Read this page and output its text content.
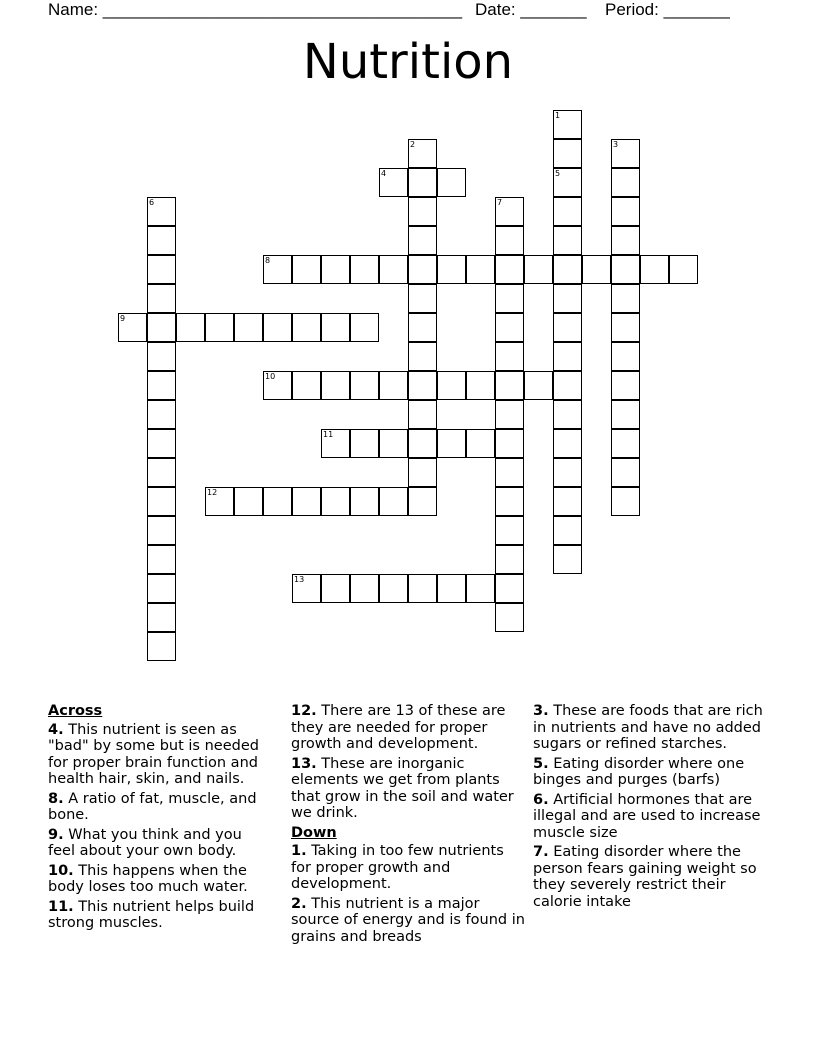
Name: ______________________________________ Date: _______ Period: _______
Nutrition
1
2	3
4	5
6	7
8
9
10
11
12
13
Across
4. This nutrient is seen as "bad" by some but is needed for proper brain function and health hair, skin, and nails.
8. A ratio of fat, muscle, and bone.
9. What you think and you feel about your own body.
10. This happens when the body loses too much water.
11. This nutrient helps build strong muscles.
12. There are 13 of these are they are needed for proper growth and development.
13. These are inorganic elements we get from plants that grow in the soil and water we drink.
Down
1. Taking in too few nutrients for proper growth and development.
2. This nutrient is a major source of energy and is found in grains and breads
3. These are foods that are rich in nutrients and have no added sugars or refined starches.
5. Eating disorder where one binges and purges (barfs)
6. Artificial hormones that are illegal and are used to increase muscle size
7. Eating disorder where the person fears gaining weight so they severely restrict their calorie intake
